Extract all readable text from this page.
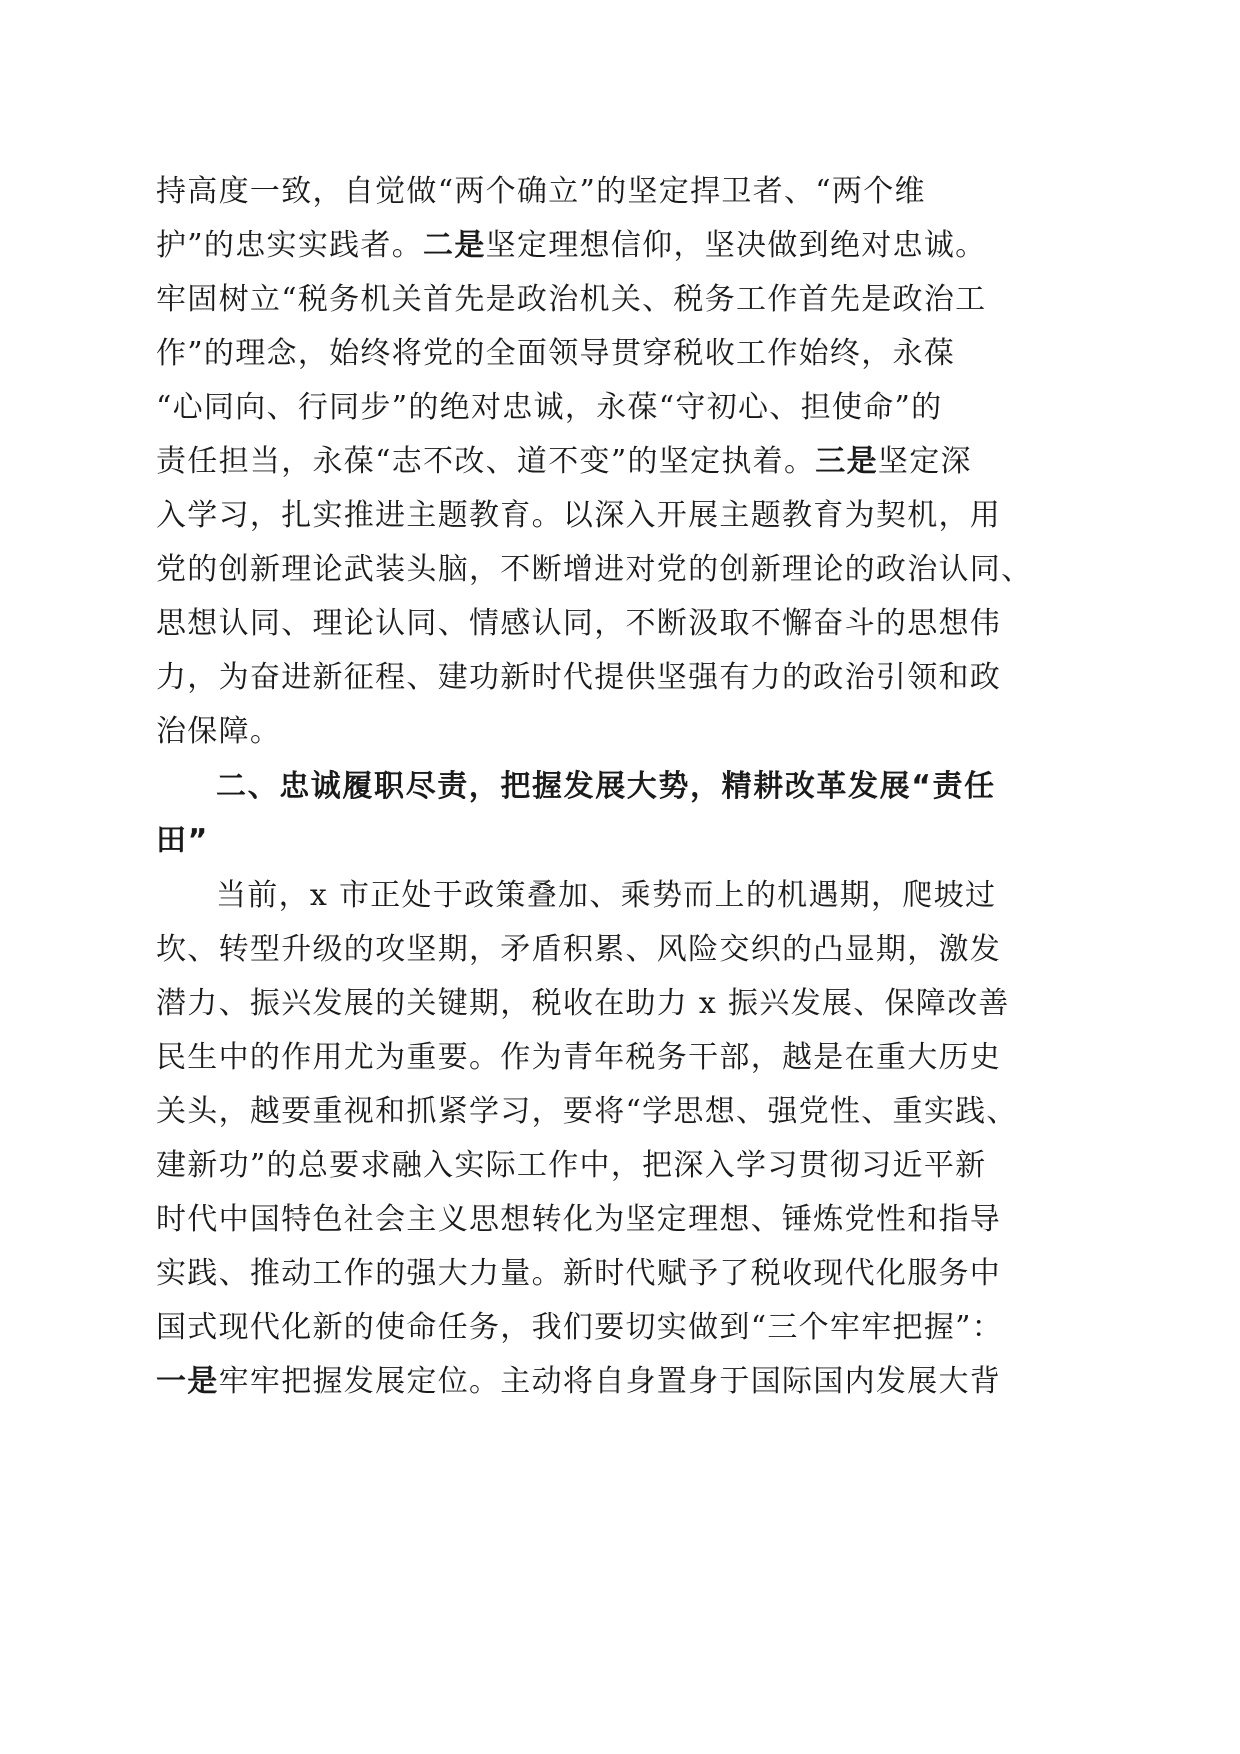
持高度一致，自觉做“两个确立”的坚定捍卫者、“两个维
护”的忠实实践者。二是坚定理想信仰，坚决做到绝对忠诚。
牢固树立“税务机关首先是政治机关、税务工作首先是政治工
作”的理念，始终将党的全面领导贯穿税收工作始终，永葆
“心同向、行同步”的绝对忠诚，永葆“守初心、担使命”的
责任担当，永葆“志不改、道不变”的坚定执着。三是坚定深
入学习，扎实推进主题教育。以深入开展主题教育为契机，用
党的创新理论武装头脑，不断增进对党的创新理论的政治认同、
思想认同、理论认同、情感认同，不断汲取不懈奋斗的思想伟
力，为奋进新征程、建功新时代提供坚强有力的政治引领和政
治保障。
二、忠诚履职尽责，把握发展大势，精耕改革发展“责任
田”
当前，x 市正处于政策叠加、乘势而上的机遇期，爬坡过
坎、转型升级的攻坚期，矛盾积累、风险交织的凸显期，激发
潜力、振兴发展的关键期，税收在助力 x 振兴发展、保障改善
民生中的作用尤为重要。作为青年税务干部，越是在重大历史
关头，越要重视和抓紧学习，要将“学思想、强党性、重实践、
建新功”的总要求融入实际工作中，把深入学习贯彻习近平新
时代中国特色社会主义思想转化为坚定理想、锤炼党性和指导
实践、推动工作的强大力量。新时代赋予了税收现代化服务中
国式现代化新的使命任务，我们要切实做到“三个牢牢把握”：
一是牢牢把握发展定位。主动将自身置身于国际国内发展大背
